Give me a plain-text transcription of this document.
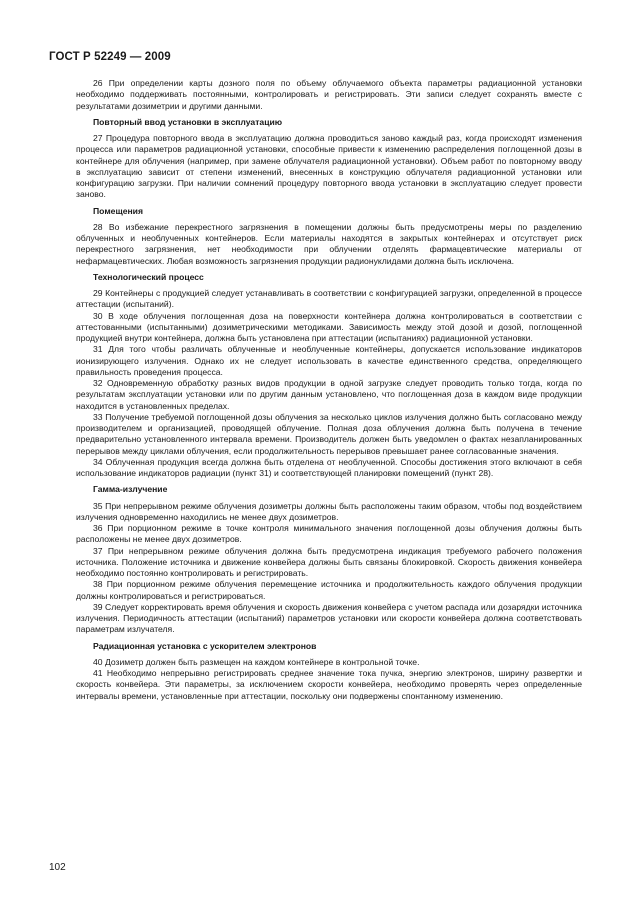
ГОСТ Р 52249 — 2009

26 При определении карты дозного поля по объему облучаемого объекта параметры радиационной установки необходимо поддерживать постоянными, контролировать и регистрировать. Эти записи следует сохранять вместе с результатами дозиметрии и другими данными.

Повторный ввод установки в эксплуатацию

27 Процедура повторного ввода в эксплуатацию должна проводиться заново каждый раз, когда происходят изменения процесса или параметров радиационной установки, способные привести к изменению распределения поглощенной дозы в контейнере для облучения (например, при замене облучателя радиационной установки). Объем работ по повторному вводу в эксплуатацию зависит от степени изменений, внесенных в конструкцию облучателя радиационной установки или конфигурацию загрузки. При наличии сомнений процедуру повторного ввода установки в эксплуатацию следует провести заново.

Помещения

28 Во избежание перекрестного загрязнения в помещении должны быть предусмотрены меры по разделению облученных и необлученных контейнеров. Если материалы находятся в закрытых контейнерах и отсутствует риск перекрестного загрязнения, нет необходимости при облучении отделять фармацевтические материалы от нефармацевтических. Любая возможность загрязнения продукции радионуклидами должна быть исключена.

Технологический процесс

29 Контейнеры с продукцией следует устанавливать в соответствии с конфигурацией загрузки, определенной в процессе аттестации (испытаний).

30 В ходе облучения поглощенная доза на поверхности контейнера должна контролироваться в соответствии с аттестованными (испытанными) дозиметрическими методиками. Зависимость между этой дозой и дозой, поглощенной продукцией внутри контейнера, должна быть установлена при аттестации (испытаниях) радиационной установки.

31 Для того чтобы различать облученные и необлученные контейнеры, допускается использование индикаторов ионизирующего излучения. Однако их не следует использовать в качестве единственного средства, определяющего правильность проведения процесса.

32 Одновременную обработку разных видов продукции в одной загрузке следует проводить только тогда, когда по результатам эксплуатации установки или по другим данным установлено, что поглощенная доза в каждом виде продукции находится в установленных пределах.

33 Получение требуемой поглощенной дозы облучения за несколько циклов излучения должно быть согласовано между производителем и организацией, проводящей облучение. Полная доза облучения должна быть получена в течение предварительно установленного интервала времени. Производитель должен быть уведомлен о фактах незапланированных перерывов между циклами облучения, если продолжительность перерывов превышает ранее согласованные значения.

34 Облученная продукция всегда должна быть отделена от необлученной. Способы достижения этого включают в себя использование индикаторов радиации (пункт 31) и соответствующей планировки помещений (пункт 28).

Гамма-излучение

35 При непрерывном режиме облучения дозиметры должны быть расположены таким образом, чтобы под воздействием излучения одновременно находились не менее двух дозиметров.

36 При порционном режиме в точке контроля минимального значения поглощенной дозы облучения должны быть расположены не менее двух дозиметров.

37 При непрерывном режиме облучения должна быть предусмотрена индикация требуемого рабочего положения источника. Положение источника и движение конвейера должны быть связаны блокировкой. Скорость движения конвейера необходимо постоянно контролировать и регистрировать.

38 При порционном режиме облучения перемещение источника и продолжительность каждого облучения продукции должны контролироваться и регистрироваться.

39 Следует корректировать время облучения и скорость движения конвейера с учетом распада или дозарядки источника излучения. Периодичность аттестации (испытаний) параметров установки или скорости конвейера должна соответствовать параметрам излучателя.

Радиационная установка с ускорителем электронов

40 Дозиметр должен быть размещен на каждом контейнере в контрольной точке.

41 Необходимо непрерывно регистрировать среднее значение тока пучка, энергию электронов, ширину развертки и скорость конвейера. Эти параметры, за исключением скорости конвейера, необходимо проверять через определенные интервалы времени, установленные при аттестации, поскольку они подвержены спонтанному изменению.

102
